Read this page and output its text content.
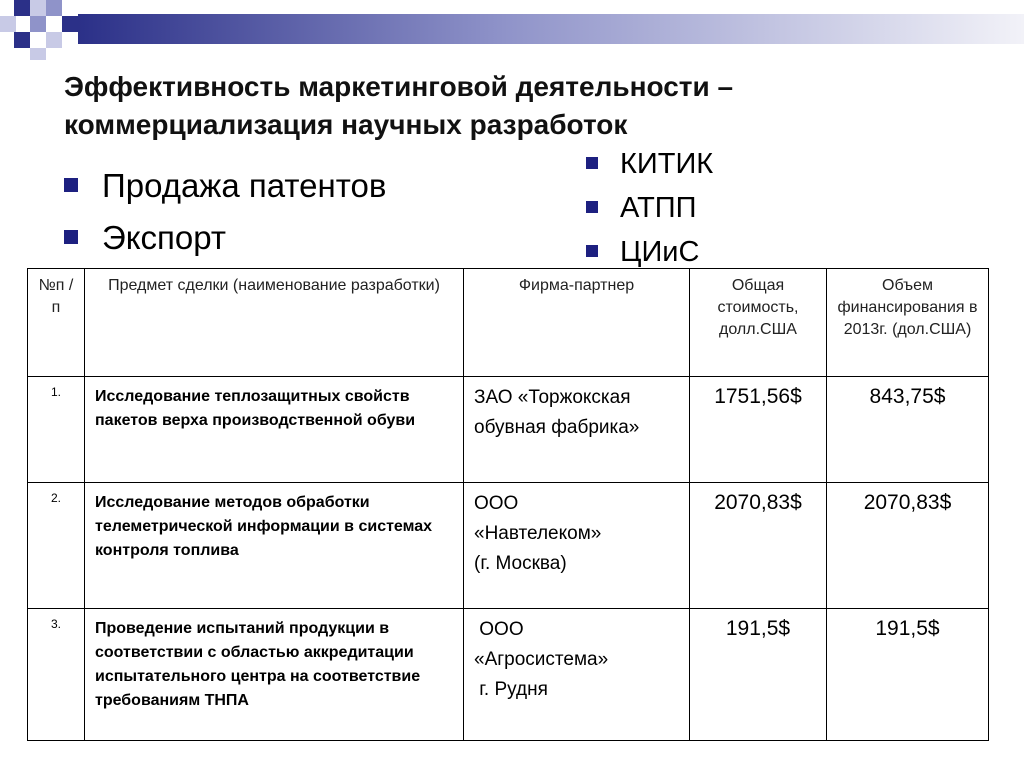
Эффективность маркетинговой деятельности –
коммерциализация научных разработок
Продажа патентов
Экспорт
КИТИК
АТПП
ЦИиС
№п /п	Предмет сделки (наименование разработки)	Фирма-партнер	Общая стоимость, долл.США	Объем финансирования в 2013г. (дол.США)
1.	Исследование теплозащитных свойств пакетов верха производственной обуви	ЗАО «Торжокская
обувная фабрика»	1751,56$	843,75$
2.	Исследование методов обработки телеметрической информации в системах контроля топлива	ООО
«Навтелеком»
(г. Москва)	2070,83$	2070,83$
3.	Проведение испытаний продукции в соответствии с областью аккредитации испытательного центра на соответствие требованиям ТНПА	ООО
«Агросистема»
г. Рудня	191,5$	191,5$
